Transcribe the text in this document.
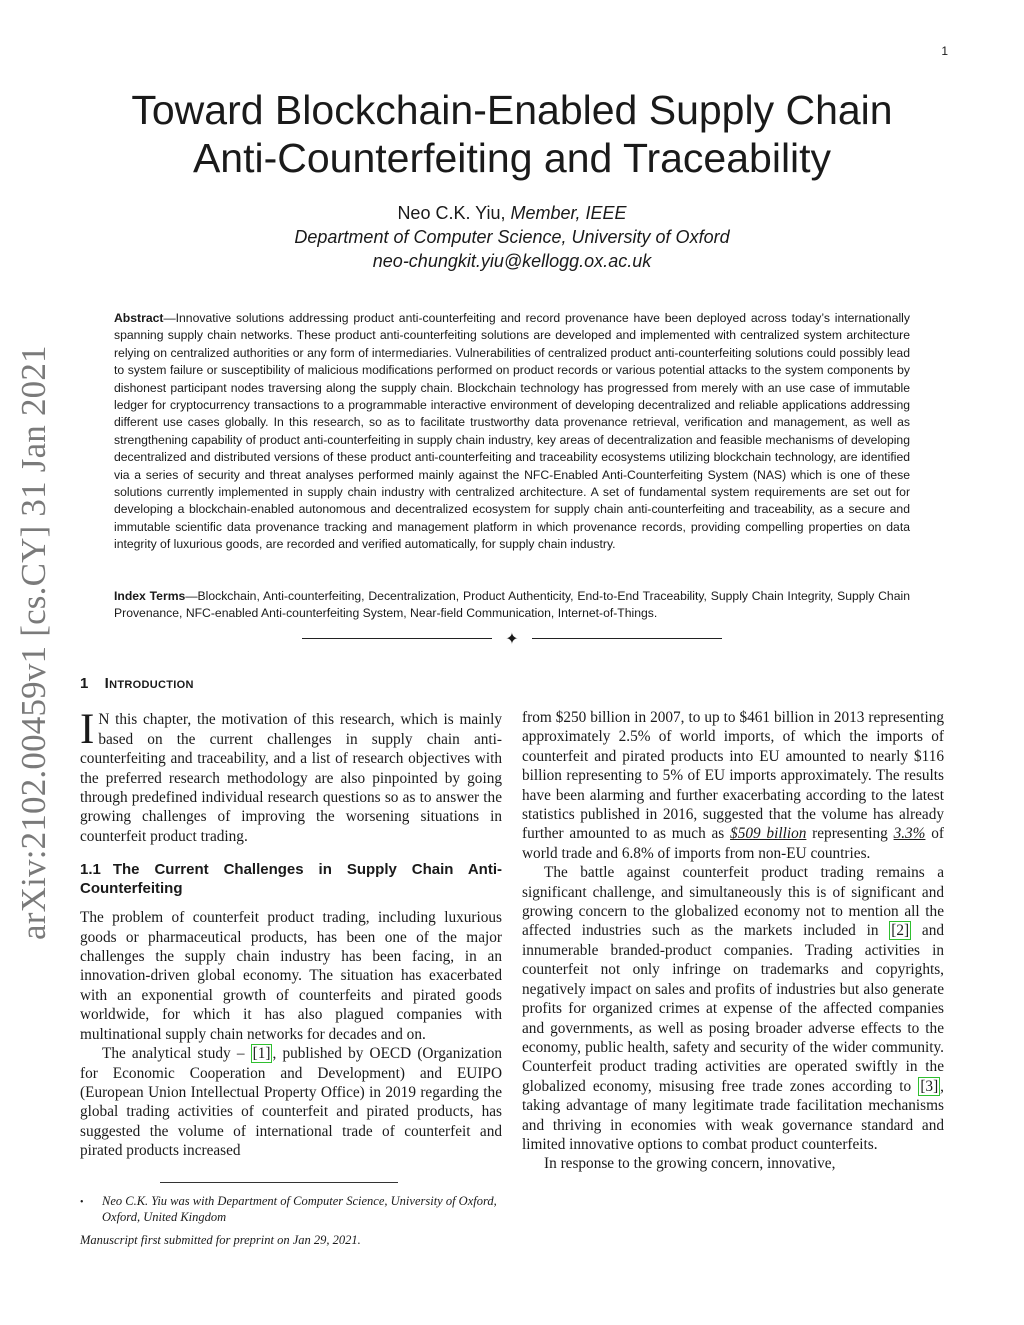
1
arXiv:2102.00459v1 [cs.CY] 31 Jan 2021
Toward Blockchain-Enabled Supply Chain
Anti-Counterfeiting and Traceability
Neo C.K. Yiu, Member, IEEE
Department of Computer Science, University of Oxford
neo-chungkit.yiu@kellogg.ox.ac.uk

Abstract—Innovative solutions addressing product anti-counterfeiting and record provenance have been deployed across today’s internationally spanning supply chain networks. These product anti-counterfeiting solutions are developed and implemented with centralized system architecture relying on centralized authorities or any form of intermediaries. Vulnerabilities of centralized product anti-counterfeiting solutions could possibly lead to system failure or susceptibility of malicious modifications performed on product records or various potential attacks to the system components by dishonest participant nodes traversing along the supply chain. Blockchain technology has progressed from merely with an use case of immutable ledger for cryptocurrency transactions to a programmable interactive environment of developing decentralized and reliable applications addressing different use cases globally. In this research, so as to facilitate trustworthy data provenance retrieval, verification and management, as well as strengthening capability of product anti-counterfeiting in supply chain industry, key areas of decentralization and feasible mechanisms of developing decentralized and distributed versions of these product anti-counterfeiting and traceability ecosystems utilizing blockchain technology, are identified via a series of security and threat analyses performed mainly against the NFC-Enabled Anti-Counterfeiting System (NAS) which is one of these solutions currently implemented in supply chain industry with centralized architecture. A set of fundamental system requirements are set out for developing a blockchain-enabled autonomous and decentralized ecosystem for supply chain anti-counterfeiting and traceability, as a secure and immutable scientific data provenance tracking and management platform in which provenance records, providing compelling properties on data integrity of luxurious goods, are recorded and verified automatically, for supply chain industry.

Index Terms—Blockchain, Anti-counterfeiting, Decentralization, Product Authenticity, End-to-End Traceability, Supply Chain Integrity, Supply Chain Provenance, NFC-enabled Anti-counterfeiting System, Near-field Communication, Internet-of-Things.

✦
1 Introduction

I N this chapter, the motivation of this research, which is mainly based on the current challenges in supply chain anti-counterfeiting and traceability, and a list of research objectives with the preferred research methodology are also pinpointed by going through predefined individual research questions so as to answer the growing challenges of improving the worsening situations in counterfeit product trading.

1.1 The Current Challenges in Supply Chain Anti-Counterfeiting

The problem of counterfeit product trading, including luxurious goods or pharmaceutical products, has been one of the major challenges the supply chain industry has been facing, in an innovation-driven global economy. The situation has exacerbated with an exponential growth of counterfeits and pirated goods worldwide, for which it has also plagued companies with multinational supply chain networks for decades and on.

The analytical study – [1] , published by OECD (Organization for Economic Cooperation and Development) and EUIPO (European Union Intellectual Property Office) in 2019 regarding the global trading activities of counterfeit and pirated products, has suggested the volume of international trade of counterfeit and pirated products increased

from $250 billion in 2007, to up to $461 billion in 2013 representing approximately 2.5% of world imports, of which the imports of counterfeit and pirated products into EU amounted to nearly $116 billion representing to 5% of EU imports approximately. The results have been alarming and further exacerbating according to the latest statistics published in 2016, suggested that the volume has already further amounted to as much as $509 billion representing 3.3% of world trade and 6.8% of imports from non-EU countries.

The battle against counterfeit product trading remains a significant challenge, and simultaneously this is of significant and growing concern to the globalized economy not to mention all the affected industries such as the markets included in [2] and innumerable branded-product companies. Trading activities in counterfeit not only infringe on trademarks and copyrights, negatively impact on sales and profits of industries but also generate profits for organized crimes at expense of the affected companies and governments, as well as posing broader adverse effects to the economy, public health, safety and security of the wider community. Counterfeit product trading activities are operated swiftly in the globalized economy, misusing free trade zones according to [3] , taking advantage of many legitimate trade facilitation mechanisms and thriving in economies with weak governance standard and limited innovative options to combat product counterfeits.

In response to the growing concern, innovative,

• Neo C.K. Yiu was with Department of Computer Science, University of Oxford, Oxford, United Kingdom
Manuscript first submitted for preprint on Jan 29, 2021.
